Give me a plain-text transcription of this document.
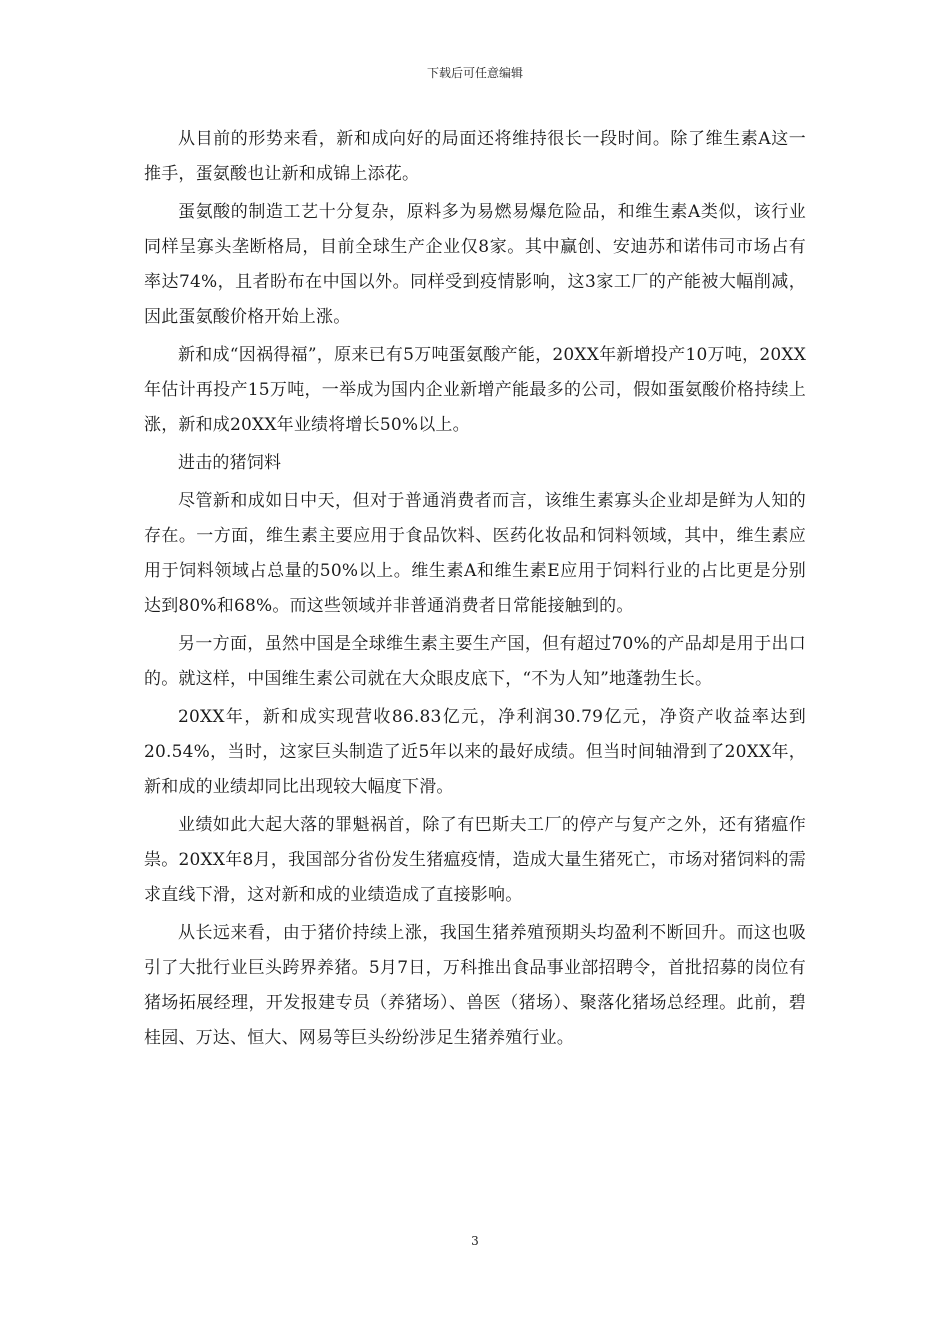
下载后可任意编辑

从目前的形势来看，新和成向好的局面还将维持很长一段时间。除了维生素A这一推手，蛋氨酸也让新和成锦上添花。

蛋氨酸的制造工艺十分复杂，原料多为易燃易爆危险品，和维生素A类似，该行业同样呈寡头垄断格局，目前全球生产企业仅8家。其中赢创、安迪苏和诺伟司市场占有率达74%，且者盼布在中国以外。同样受到疫情影响，这3家工厂的产能被大幅削减，因此蛋氨酸价格开始上涨。

新和成“因祸得福”，原来已有5万吨蛋氨酸产能，20XX年新增投产10万吨，20XX年估计再投产15万吨，一举成为国内企业新增产能最多的公司，假如蛋氨酸价格持续上涨，新和成20XX年业绩将增长50%以上。

进击的猪饲料

尽管新和成如日中天，但对于普通消费者而言，该维生素寡头企业却是鲜为人知的存在。一方面，维生素主要应用于食品饮料、医药化妆品和饲料领域，其中，维生素应用于饲料领域占总量的50%以上。维生素A和维生素E应用于饲料行业的占比更是分别达到80%和68%。而这些领域并非普通消费者日常能接触到的。

另一方面，虽然中国是全球维生素主要生产国，但有超过70%的产品却是用于出口的。就这样，中国维生素公司就在大众眼皮底下，“不为人知”地蓬勃生长。

20XX年，新和成实现营收86.83亿元，净利润30.79亿元，净资产收益率达到20.54%，当时，这家巨头制造了近5年以来的最好成绩。但当时间轴滑到了20XX年，新和成的业绩却同比出现较大幅度下滑。

业绩如此大起大落的罪魁祸首，除了有巴斯夫工厂的停产与复产之外，还有猪瘟作祟。20XX年8月，我国部分省份发生猪瘟疫情，造成大量生猪死亡，市场对猪饲料的需求直线下滑，这对新和成的业绩造成了直接影响。

从长远来看，由于猪价持续上涨，我国生猪养殖预期头均盈利不断回升。而这也吸引了大批行业巨头跨界养猪。5月7日，万科推出食品事业部招聘令，首批招募的岗位有猪场拓展经理，开发报建专员（养猪场）、兽医（猪场）、聚落化猪场总经理。此前，碧桂园、万达、恒大、网易等巨头纷纷涉足生猪养殖行业。

3
